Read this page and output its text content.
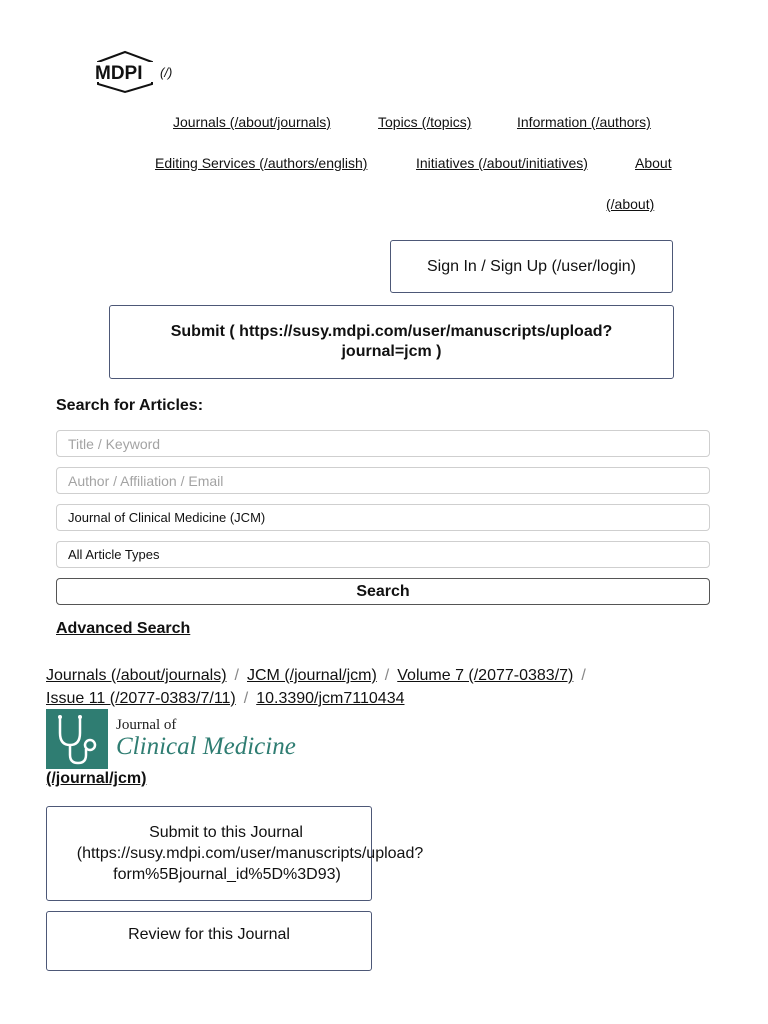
MDPI (/)
Journals (/about/journals)	Topics (/topics)	Information (/authors)
Editing Services (/authors/english)	Initiatives (/about/initiatives)	About
(/about)
Sign In / Sign Up (/user/login)
Submit ( https://susy.mdpi.com/user/manuscripts/upload?journal=jcm )
Search for Articles:
Title / Keyword
Author / Affiliation / Email
Journal of Clinical Medicine (JCM)
All Article Types
Search
Advanced Search
Journals (/about/journals) / JCM (/journal/jcm) / Volume 7 (/2077-0383/7) /
Issue 11 (/2077-0383/7/11) / 10.3390/jcm7110434
Journal of
Clinical Medicine
(/journal/jcm)
Submit to this Journal
(https://susy.mdpi.com/user/manuscripts/upload?
form%5Bjournal_id%5D%3D93)
Review for this Journal
